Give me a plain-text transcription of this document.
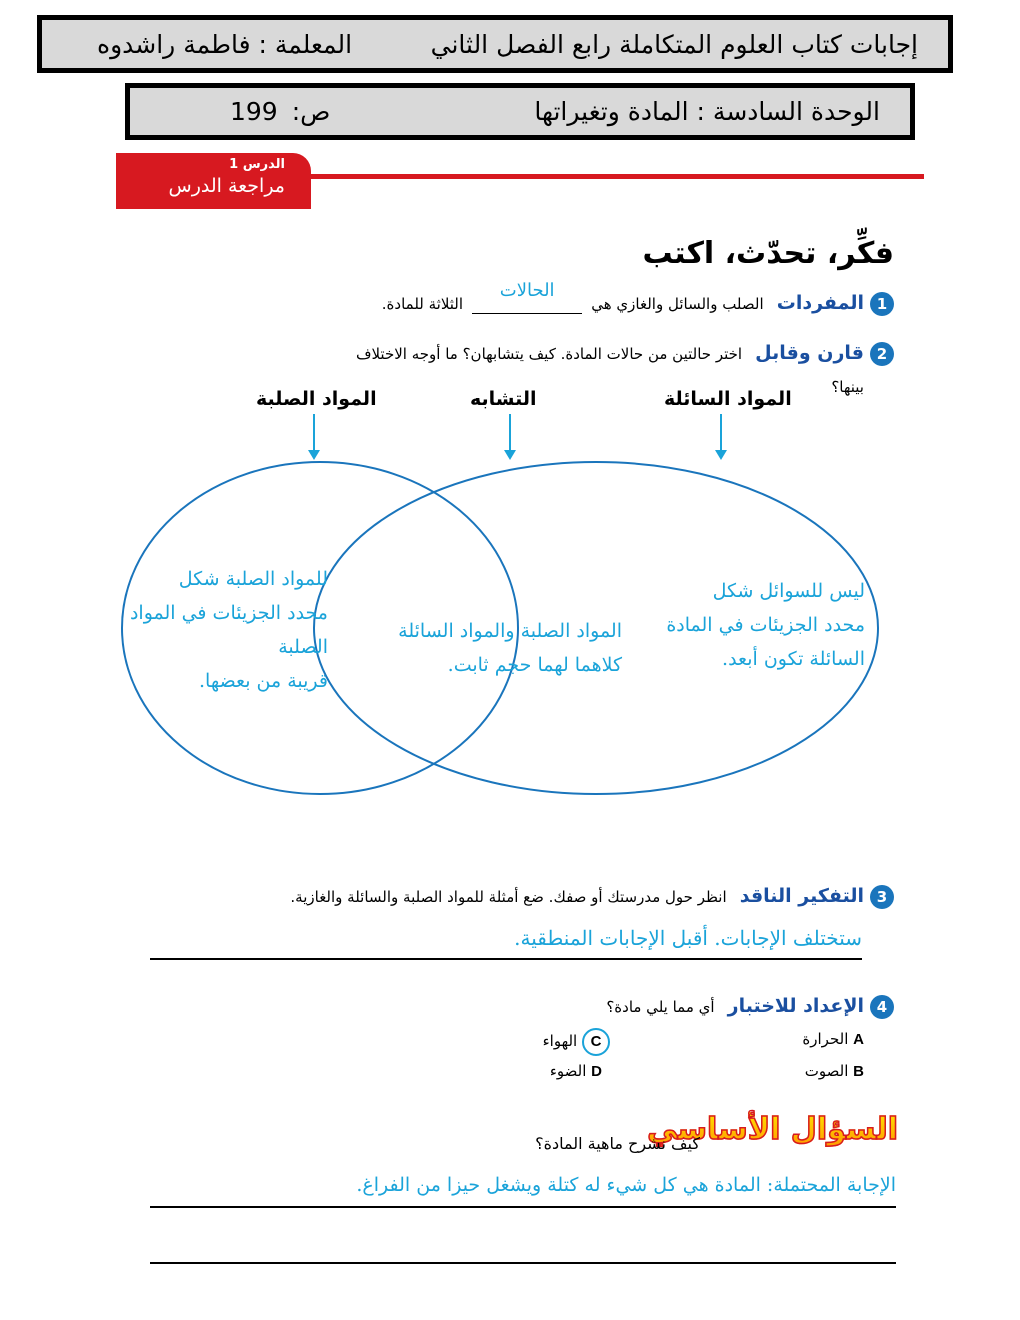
إجابات كتاب العلوم المتكاملة رابع الفصل الثاني
المعلمة : فاطمة راشدوه
الوحدة السادسة : المادة وتغيراتها
ص:
199
الدرس 1
مراجعة الدرس
فكِّر، تحدّث، اكتب
1
المفردات الصلب والسائل والغازي هي
الحالات
الثلاثة للمادة.
2
قارن وقابل اختر حالتين من حالات المادة. كيف يتشابهان؟ ما أوجه الاختلاف
بينها؟
المواد السائلة
التشابه
المواد الصلبة
ليس للسوائل شكل
محدد الجزيئات في المادة
السائلة تكون أبعد.
المواد الصلبة والمواد السائلة
كلاهما لهما حجم ثابت.
للمواد الصلبة شكل
محدد الجزيئات في المواد
الصلبة
قريبة من بعضها.
3
التفكير الناقد انظر حول مدرستك أو صفك. ضع أمثلة للمواد الصلبة والسائلة والغازية.
ستختلف الإجابات. أقبل الإجابات المنطقية.
4
الإعداد للاختبار أي مما يلي مادة؟
A الحرارة
C الهواء
B الصوت
D الضوء
السؤال الأساسي
كيف نشرح ماهية المادة؟
الإجابة المحتملة: المادة هي كل شيء له كتلة ويشغل حيزا من الفراغ.
